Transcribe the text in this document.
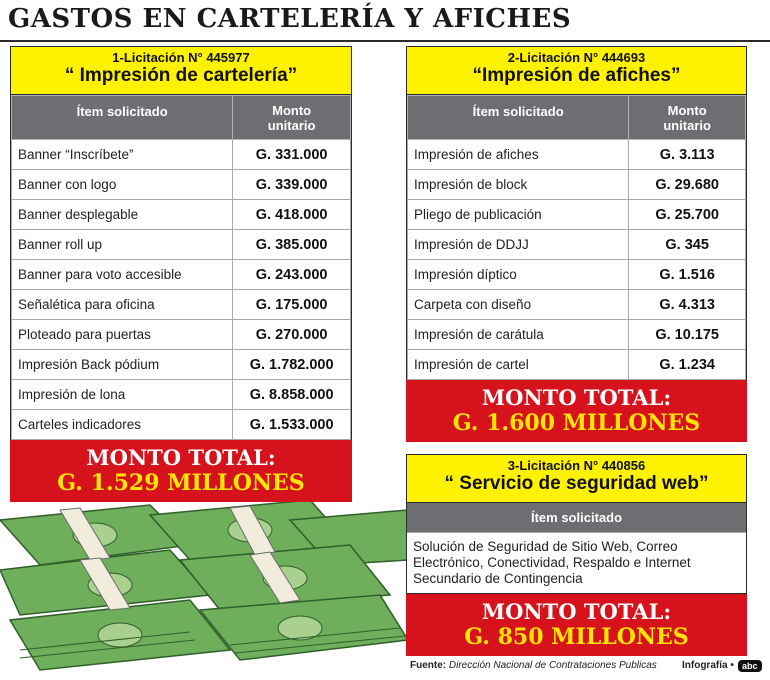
GASTOS EN CARTELERÍA Y AFICHES
1-Licitación N° 445977
“ Impresión de cartelería”
Ítem solicitado	Monto
unitario
Banner “Inscríbete”	G. 331.000
Banner con logo	G. 339.000
Banner desplegable	G. 418.000
Banner roll up	G. 385.000
Banner para voto accesible	G. 243.000
Señalética para oficina	G. 175.000
Ploteado para puertas	G. 270.000
Impresión Back pódium	G. 1.782.000
Impresión de lona	G. 8.858.000
Carteles indicadores	G. 1.533.000
MONTO TOTAL:
G. 1.529 MILLONES
2-Licitación N° 444693
“Impresión de afiches”
Ítem solicitado	Monto
unitario
Impresión de afiches	G. 3.113
Impresión de block	G. 29.680
Pliego de publicación	G. 25.700
Impresión de DDJJ	G. 345
Impresión díptico	G. 1.516
Carpeta con diseño	G. 4.313
Impresión de carátula	G. 10.175
Impresión de cartel	G. 1.234
MONTO TOTAL:
G. 1.600 MILLONES
3-Licitación N° 440856
“ Servicio de seguridad web”
Ítem solicitado
Solución de Seguridad de Sitio Web, Correo Electrónico, Conectividad, Respaldo e Internet Secundario de Contingencia
MONTO TOTAL:
G. 850 MILLONES
Fuente: Dirección Nacional de Contrataciones Publicas	Infografía • abc
